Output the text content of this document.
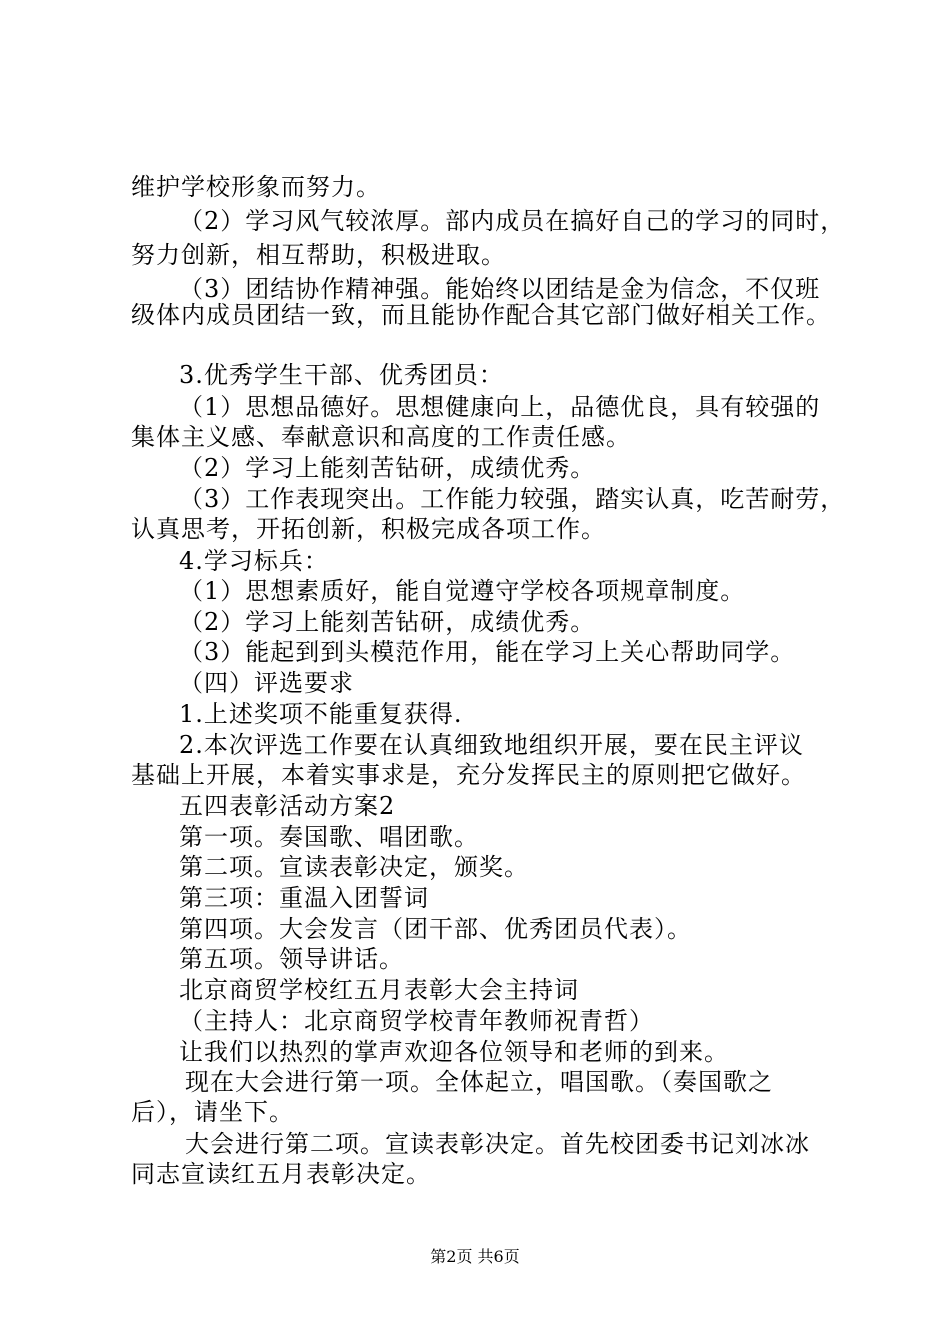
维护学校形象而努力。
（2）学习风气较浓厚。部内成员在搞好自己的学习的同时，
努力创新，相互帮助，积极进取。
（3）团结协作精神强。能始终以团结是金为信念，不仅班
级体内成员团结一致，而且能协作配合其它部门做好相关工作。
3.优秀学生干部、优秀团员：
（1）思想品德好。思想健康向上，品德优良，具有较强的
集体主义感、奉献意识和高度的工作责任感。
（2）学习上能刻苦钻研，成绩优秀。
（3）工作表现突出。工作能力较强，踏实认真，吃苦耐劳，
认真思考，开拓创新，积极完成各项工作。
4.学习标兵：
（1）思想素质好，能自觉遵守学校各项规章制度。
（2）学习上能刻苦钻研，成绩优秀。
（3）能起到到头模范作用，能在学习上关心帮助同学。
（四）评选要求
1.上述奖项不能重复获得.
2.本次评选工作要在认真细致地组织开展，要在民主评议
基础上开展，本着实事求是，充分发挥民主的原则把它做好。
五四表彰活动方案2
第一项。奏国歌、唱团歌。
第二项。宣读表彰决定，颁奖。
第三项：重温入团誓词
第四项。大会发言（团干部、优秀团员代表）。
第五项。领导讲话。
北京商贸学校红五月表彰大会主持词
（主持人：北京商贸学校青年教师祝青哲）
让我们以热烈的掌声欢迎各位领导和老师的到来。
现在大会进行第一项。全体起立，唱国歌。（奏国歌之
后），请坐下。
大会进行第二项。宣读表彰决定。首先校团委书记刘冰冰
同志宣读红五月表彰决定。
第2页 共6页
